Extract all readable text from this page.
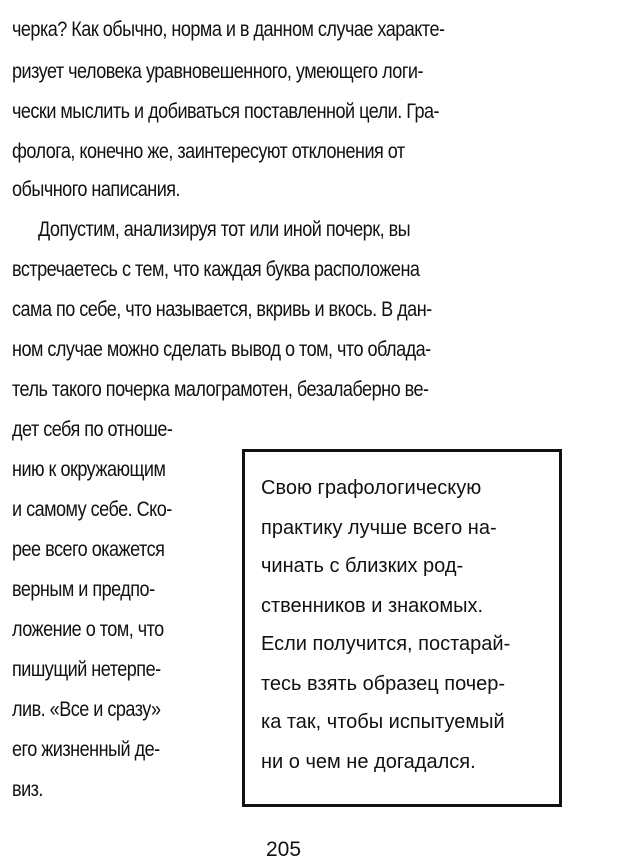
черка? Как обычно, норма и в данном случае характе-
ризует человека уравновешенного, умеющего логи-
чески мыслить и добиваться поставленной цели. Гра-
фолога, конечно же, заинтересуют отклонения от
обычного написания.
Допустим, анализируя тот или иной почерк, вы
встречаетесь с тем, что каждая буква расположена
сама по себе, что называется, вкривь и вкось. В дан-
ном случае можно сделать вывод о том, что облада-
тель такого почерка малограмотен, безалаберно ве-
дет себя по отноше-
нию к окружающим
и самому себе. Ско-
рее всего окажется
верным и предпо-
ложение о том, что
пишущий нетерпе-
лив. «Все и сразу»
его жизненный де-
виз.
Свою графологическую
практику лучше всего на-
чинать с близких род-
ственников и знакомых.
Если получится, постарай-
тесь взять образец почер-
ка так, чтобы испытуемый
ни о чем не догадался.
205
